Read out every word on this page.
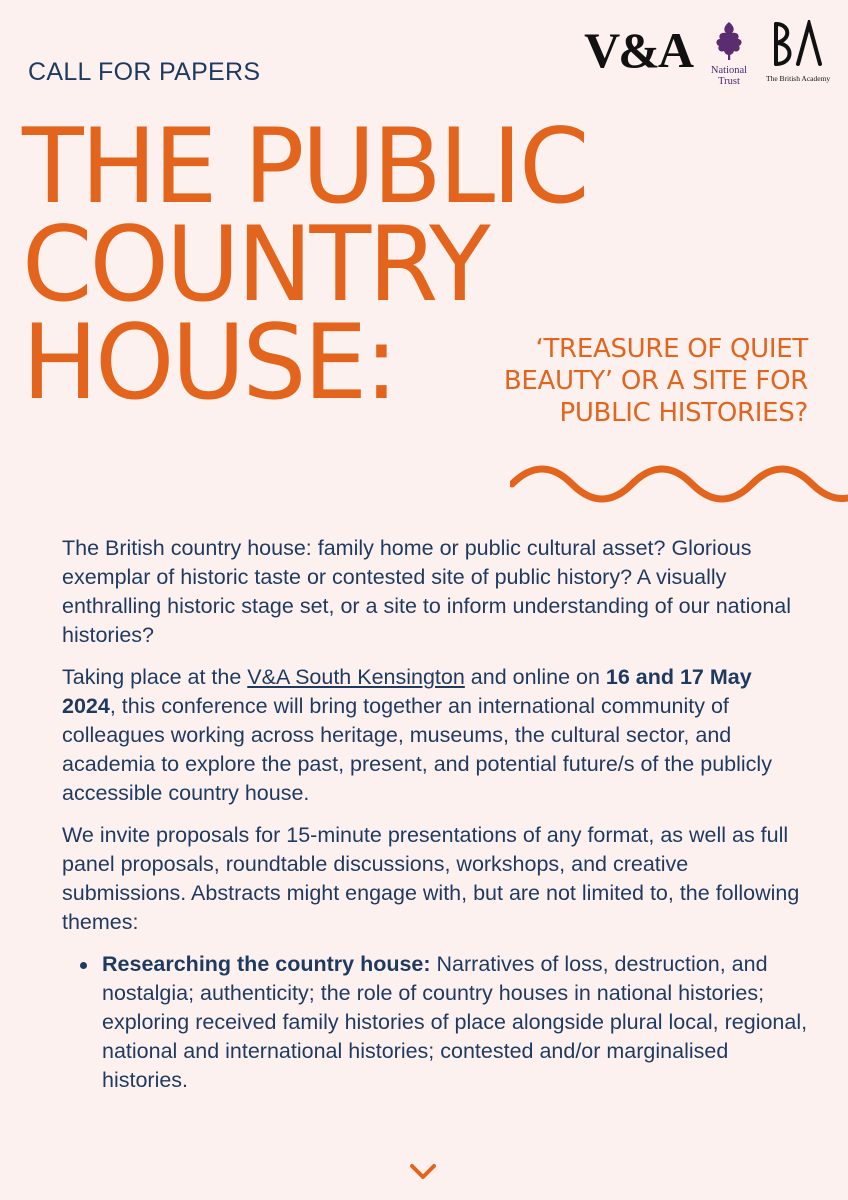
CALL FOR PAPERS	V&A	National
Trust	The British Academy
THE PUBLIC
COUNTRY
HOUSE:	‘TREASURE OF QUIET
BEAUTY’ OR A SITE FOR
PUBLIC HISTORIES?

The British country house: family home or public cultural asset? Glorious exemplar of historic taste or contested site of public history? A visually enthralling historic stage set, or a site to inform understanding of our national histories?

Taking place at the V&A South Kensington and online on 16 and 17 May 2024, this conference will bring together an international community of colleagues working across heritage, museums, the cultural sector, and academia to explore the past, present, and potential future/s of the publicly accessible country house.

We invite proposals for 15-minute presentations of any format, as well as full panel proposals, roundtable discussions, workshops, and creative submissions. Abstracts might engage with, but are not limited to, the following themes:

Researching the country house: Narratives of loss, destruction, and nostalgia; authenticity; the role of country houses in national histories; exploring received family histories of place alongside plural local, regional, national and international histories; contested and/or marginalised histories.
